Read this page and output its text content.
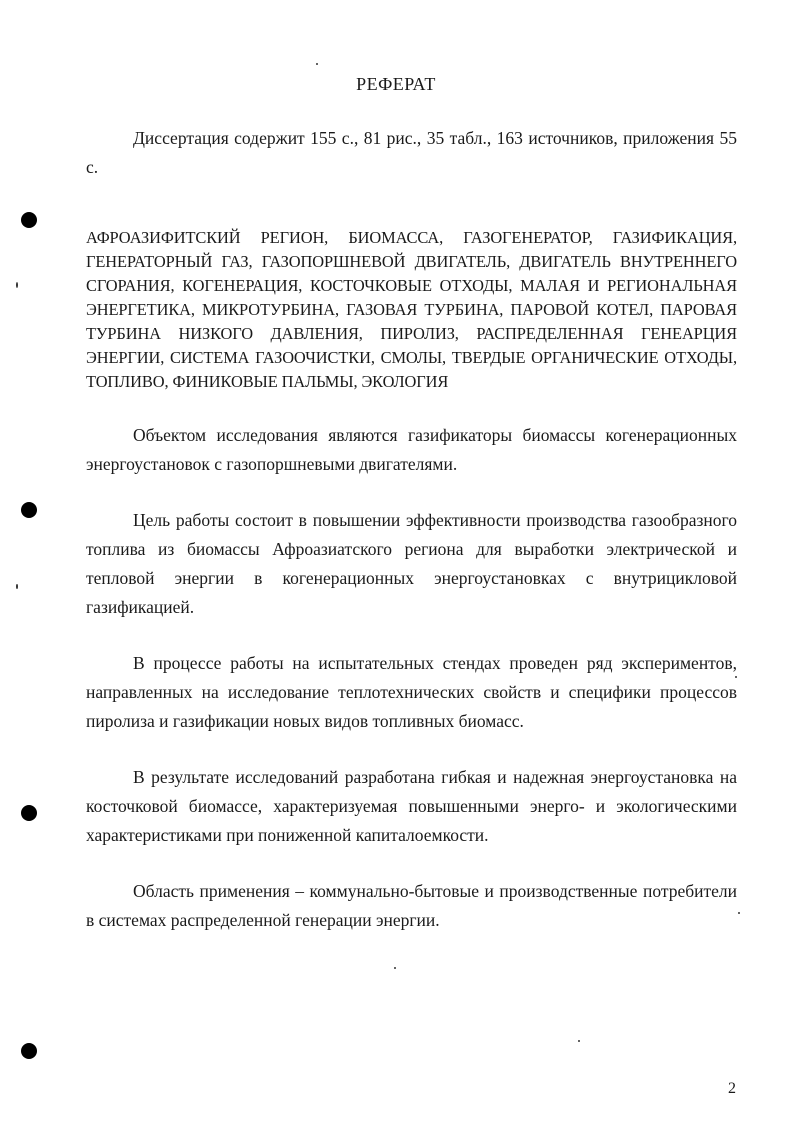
РЕФЕРАТ

Диссертация содержит 155 с., 81 рис., 35 табл., 163 источников, приложения 55 с.

АФРОАЗИФИТСКИЙ РЕГИОН, БИОМАССА, ГАЗОГЕНЕРАТОР, ГАЗИФИКАЦИЯ, ГЕНЕРАТОРНЫЙ ГАЗ, ГАЗОПОРШНЕВОЙ ДВИГАТЕЛЬ, ДВИГАТЕЛЬ ВНУТРЕННЕГО СГОРАНИЯ, КОГЕНЕРАЦИЯ, КОСТОЧКОВЫЕ ОТХОДЫ, МАЛАЯ И РЕГИОНАЛЬНАЯ ЭНЕРГЕТИКА, МИКРОТУРБИНА, ГАЗОВАЯ ТУРБИНА, ПАРОВОЙ КОТЕЛ, ПАРОВАЯ ТУРБИНА НИЗКОГО ДАВЛЕНИЯ, ПИРОЛИЗ, РАСПРЕДЕЛЕННАЯ ГЕНЕАРЦИЯ ЭНЕРГИИ, СИСТЕМА ГАЗООЧИСТКИ, СМОЛЫ, ТВЕРДЫЕ ОРГАНИЧЕСКИЕ ОТХОДЫ, ТОПЛИВО, ФИНИКОВЫЕ ПАЛЬМЫ, ЭКОЛОГИЯ

Объектом исследования являются газификаторы биомассы когенерационных энергоустановок с газопоршневыми двигателями.

Цель работы состоит в повышении эффективности производства газообразного топлива из биомассы Афроазиатского региона для выработки электрической и тепловой энергии в когенерационных энергоустановках с внутрицикловой газификацией.

В процессе работы на испытательных стендах проведен ряд экспериментов, направленных на исследование теплотехнических свойств и специфики процессов пиролиза и газификации новых видов топливных биомасс.

В результате исследований разработана гибкая и надежная энергоустановка на косточковой биомассе, характеризуемая повышенными энерго- и экологическими характеристиками при пониженной капиталоемкости.

Область применения – коммунально-бытовые и производственные потребители в системах распределенной генерации энергии.

2
